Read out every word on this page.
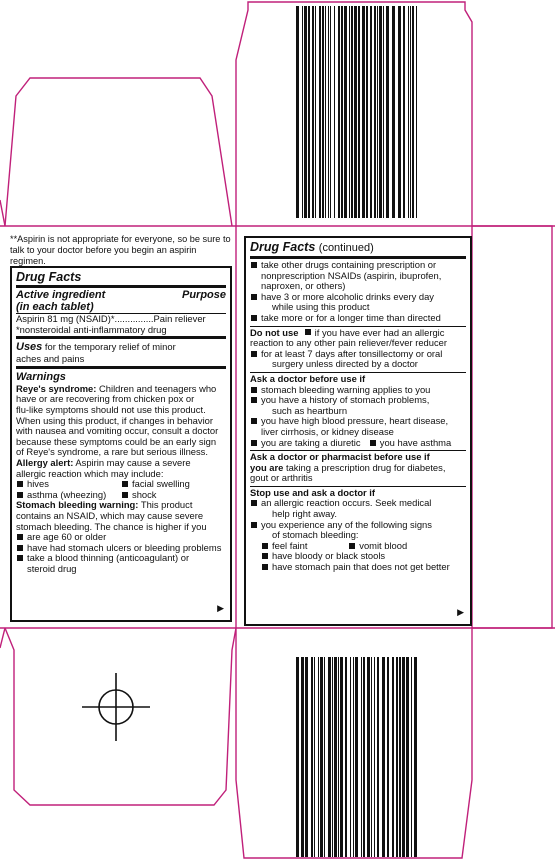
**Aspirin is not appropriate for everyone, so be sure to talk to your doctor before you begin an aspirin regimen.
Drug Facts
Active ingredient	Purpose
(in each tablet)
Aspirin 81 mg (NSAID)*...............Pain reliever
*nonsteroidal anti-inflammatory drug
Uses for the temporary relief of minor
aches and pains
Warnings
Reye's syndrome: Children and teenagers who
have or are recovering from chicken pox or
flu-like symptoms should not use this product.
When using this product, if changes in behavior
with nausea and vomiting occur, consult a doctor
because these symptoms could be an early sign
of Reye's syndrome, a rare but serious illness.
Allergy alert: Aspirin may cause a severe
allergic reaction which may include:
hives	facial swelling
asthma (wheezing)	shock
Stomach bleeding warning: This product
contains an NSAID, which may cause severe
stomach bleeding. The chance is higher if you
are age 60 or older
have had stomach ulcers or bleeding problems
take a blood thinning (anticoagulant) or
steroid drug
▶
Drug Facts (continued)
take other drugs containing prescription or
nonprescription NSAIDs (aspirin, ibuprofen,
naproxen, or others)
have 3 or more alcoholic drinks every day
while using this product
take more or for a longer time than directed
Do not use if you have ever had an allergic
reaction to any other pain reliever/fever reducer
for at least 7 days after tonsillectomy or oral
surgery unless directed by a doctor
Ask a doctor before use if
stomach bleeding warning applies to you
you have a history of stomach problems,
such as heartburn
you have high blood pressure, heart disease,
liver cirrhosis, or kidney disease
you are taking a diuretic	you have asthma
Ask a doctor or pharmacist before use if
you are taking a prescription drug for diabetes,
gout or arthritis
Stop use and ask a doctor if
an allergic reaction occurs. Seek medical
help right away.
you experience any of the following signs
of stomach bleeding:
feel faint	vomit blood
have bloody or black stools
have stomach pain that does not get better
▶
